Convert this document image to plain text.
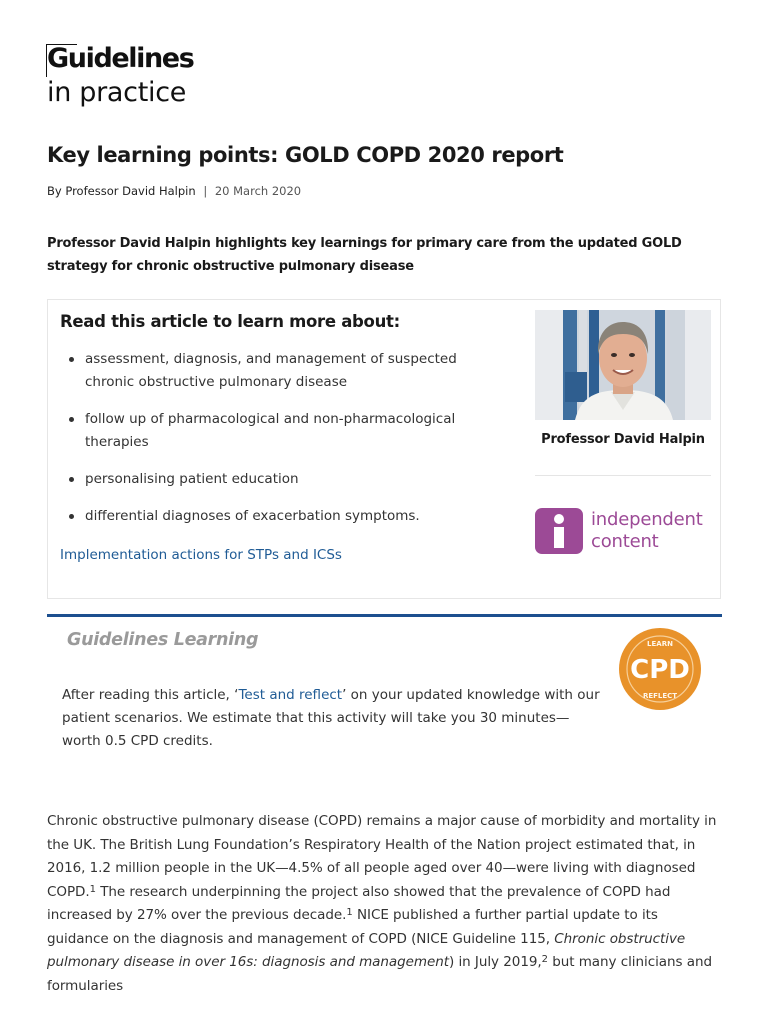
Guidelines
in practice
Key learning points: GOLD COPD 2020 report
By Professor David Halpin | 20 March 2020
Professor David Halpin highlights key learnings for primary care from the updated GOLD strategy for chronic obstructive pulmonary disease
Read this article to learn more about:
assessment, diagnosis, and management of suspected chronic obstructive pulmonary disease
follow up of pharmacological and non-pharmacological therapies
personalising patient education
differential diagnoses of exacerbation symptoms.
Implementation actions for STPs and ICSs
Professor David Halpin
independent
content
Guidelines Learning	LEARN
CPD
REFLECT
After reading this article, ‘Test and reflect’ on your updated knowledge with our patient scenarios. We estimate that this activity will take you 30 minutes—worth 0.5 CPD credits.
Chronic obstructive pulmonary disease (COPD) remains a major cause of morbidity and mortality in the UK. The British Lung Foundation’s Respiratory Health of the Nation project estimated that, in 2016, 1.2 million people in the UK—4.5% of all people aged over 40—were living with diagnosed COPD.$^1$ The research underpinning the project also showed that the prevalence of COPD had increased by 27% over the previous decade.$^1$ NICE published a further partial update to its guidance on the diagnosis and management of COPD (NICE Guideline 115, Chronic obstructive pulmonary disease in over 16s: diagnosis and management) in July 2019,$^2$ but many clinicians and formularies
